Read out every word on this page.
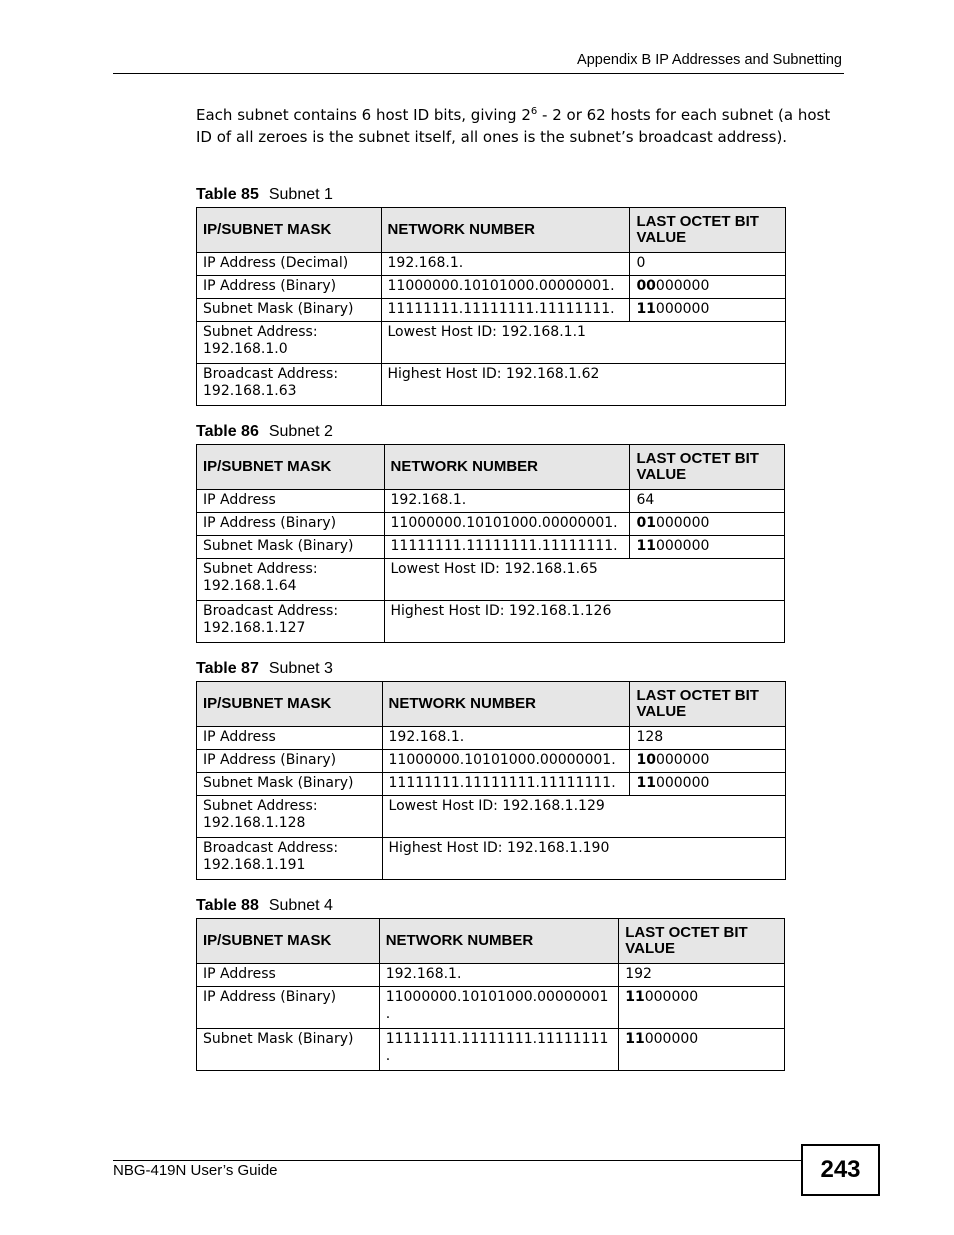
Appendix B IP Addresses and Subnetting

Each subnet contains 6 host ID bits, giving $2^6 - 2$ or 62 hosts for each subnet (a host ID of all zeroes is the subnet itself, all ones is the subnet’s broadcast address).

Table 85 Subnet 1
IP/SUBNET MASK	NETWORK NUMBER	LAST OCTET BIT VALUE
IP Address (Decimal)	192.168.1.	0
IP Address (Binary)	11000000.10101000.00000001.	00000000
Subnet Mask (Binary)	11111111.11111111.11111111.	11000000
Subnet Address:
192.168.1.0	Lowest Host ID: 192.168.1.1	
Broadcast Address:
192.168.1.63	Highest Host ID: 192.168.1.62	
Table 86 Subnet 2
IP/SUBNET MASK	NETWORK NUMBER	LAST OCTET BIT VALUE
IP Address	192.168.1.	64
IP Address (Binary)	11000000.10101000.00000001.	01000000
Subnet Mask (Binary)	11111111.11111111.11111111.	11000000
Subnet Address:
192.168.1.64	Lowest Host ID: 192.168.1.65	
Broadcast Address:
192.168.1.127	Highest Host ID: 192.168.1.126	
Table 87 Subnet 3
IP/SUBNET MASK	NETWORK NUMBER	LAST OCTET BIT VALUE
IP Address	192.168.1.	128
IP Address (Binary)	11000000.10101000.00000001.	10000000
Subnet Mask (Binary)	11111111.11111111.11111111.	11000000
Subnet Address:
192.168.1.128	Lowest Host ID: 192.168.1.129	
Broadcast Address:
192.168.1.191	Highest Host ID: 192.168.1.190	
Table 88 Subnet 4
IP/SUBNET MASK	NETWORK NUMBER	LAST OCTET BIT VALUE
IP Address	192.168.1.	192
IP Address (Binary)	11000000.10101000.00000001 .	11000000
Subnet Mask (Binary)	11111111.11111111.11111111 .	11000000
NBG-419N User’s Guide	243
